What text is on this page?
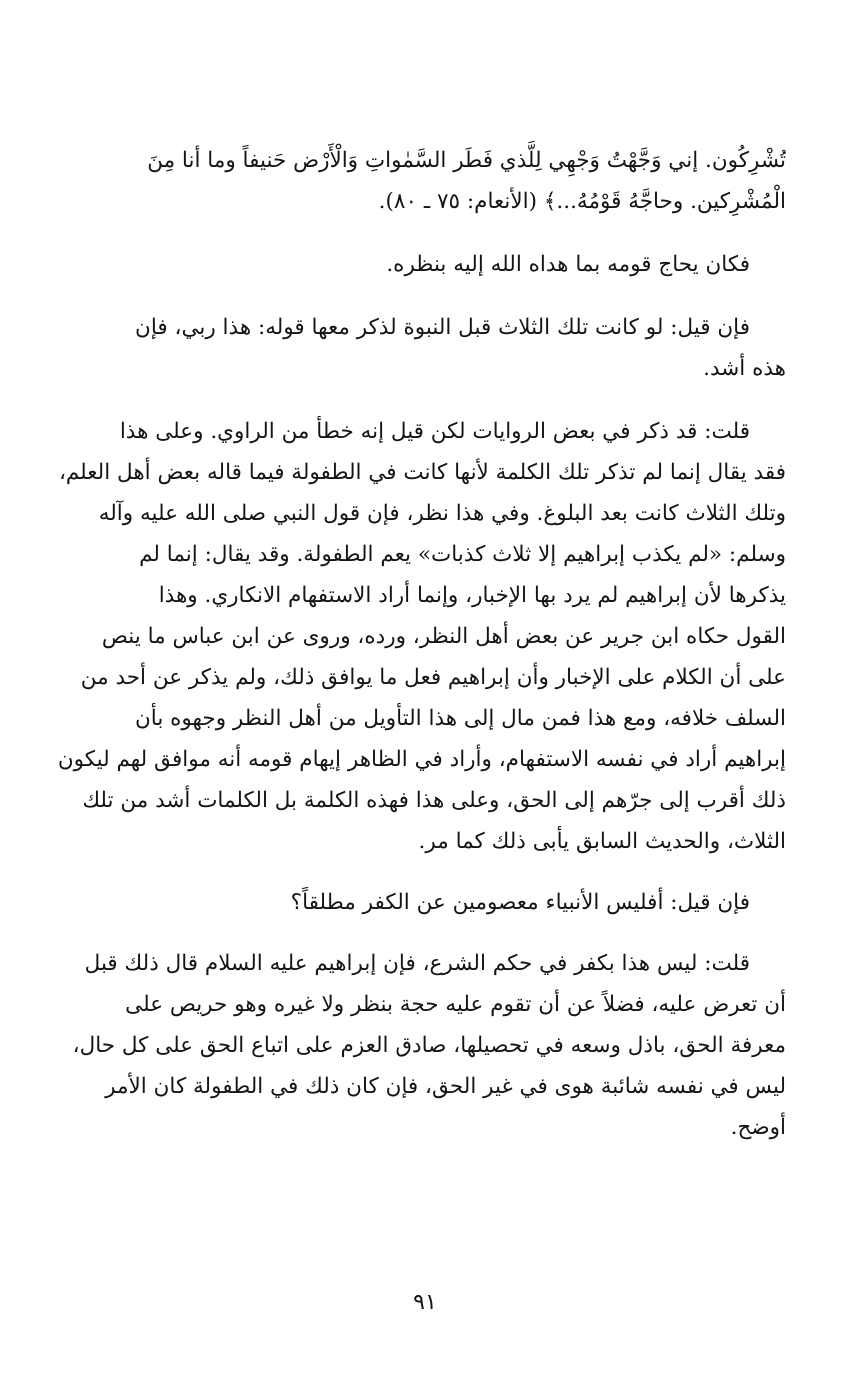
تُشْرِكُون. إني وَجَّهْتُ وَجْهِي لِلَّذي فَطَر السَّمٰواتِ وَالْأَرْض حَنيفاً وما أنا مِنَ
الْمُشْرِكين. وحاجَّهُ قَوْمُهُ...﴾ (الأنعام: ٧٥ ـ ٨٠).
فكان يحاج قومه بما هداه الله إليه بنظره.
فإن قيل: لو كانت تلك الثلاث قبل النبوة لذكر معها قوله: هذا ربي، فإن
هذه أشد.
قلت: قد ذكر في بعض الروايات لكن قيل إنه خطأ من الراوي. وعلى هذا
فقد يقال إنما لم تذكر تلك الكلمة لأنها كانت في الطفولة فيما قاله بعض أهل العلم،
وتلك الثلاث كانت بعد البلوغ. وفي هذا نظر، فإن قول النبي صلى الله عليه وآله
وسلم: «لم يكذب إبراهيم إلا ثلاث كذبات» يعم الطفولة. وقد يقال: إنما لم
يذكرها لأن إبراهيم لم يرد بها الإخبار، وإنما أراد الاستفهام الانكاري. وهذا
القول حكاه ابن جرير عن بعض أهل النظر، ورده، وروى عن ابن عباس ما ينص
على أن الكلام على الإخبار وأن إبراهيم فعل ما يوافق ذلك، ولم يذكر عن أحد من
السلف خلافه، ومع هذا فمن مال إلى هذا التأويل من أهل النظر وجهوه بأن
إبراهيم أراد في نفسه الاستفهام، وأراد في الظاهر إيهام قومه أنه موافق لهم ليكون
ذلك أقرب إلى جرّهم إلى الحق، وعلى هذا فهذه الكلمة بل الكلمات أشد من تلك
الثلاث، والحديث السابق يأبى ذلك كما مر.
فإن قيل: أفليس الأنبياء معصومين عن الكفر مطلقاً؟
قلت: ليس هذا بكفر في حكم الشرع، فإن إبراهيم عليه السلام قال ذلك قبل
أن تعرض عليه، فضلاً عن أن تقوم عليه حجة بنظر ولا غيره وهو حريص على
معرفة الحق، باذل وسعه في تحصيلها، صادق العزم على اتباع الحق على كل حال،
ليس في نفسه شائبة هوى في غير الحق، فإن كان ذلك في الطفولة كان الأمر
أوضح.
٩١
